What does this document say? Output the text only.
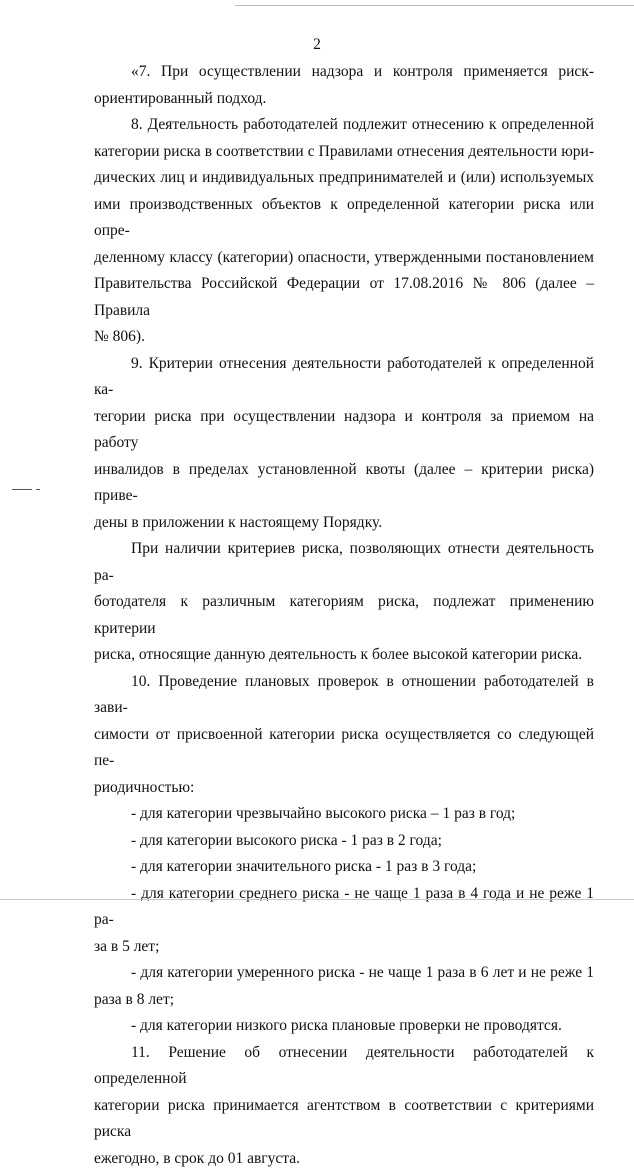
2

«7. При осуществлении надзора и контроля применяется риск-

ориентированный подход.

8. Деятельность работодателей подлежит отнесению к определенной

категории риска в соответствии с Правилами отнесения деятельности юри-

дических лиц и индивидуальных предпринимателей и (или) используемых

ими производственных объектов к определенной категории риска или опре-

деленному классу (категории) опасности, утвержденными постановлением

Правительства Российской Федерации от 17.08.2016 № 806 (далее – Правила

№ 806).

9. Критерии отнесения деятельности работодателей к определенной ка-

тегории риска при осуществлении надзора и контроля за приемом на работу

инвалидов в пределах установленной квоты (далее – критерии риска) приве-

дены в приложении к настоящему Порядку.

При наличии критериев риска, позволяющих отнести деятельность ра-

ботодателя к различным категориям риска, подлежат применению критерии

риска, относящие данную деятельность к более высокой категории риска.

10. Проведение плановых проверок в отношении работодателей в зави-

симости от присвоенной категории риска осуществляется со следующей пе-

риодичностью:

- для категории чрезвычайно высокого риска – 1 раз в год;

- для категории высокого риска - 1 раз в 2 года;

- для категории значительного риска - 1 раз в 3 года;

- для категории среднего риска - не чаще 1 раза в 4 года и не реже 1 ра-

за в 5 лет;

- для категории умеренного риска - не чаще 1 раза в 6 лет и не реже 1

раза в 8 лет;

- для категории низкого риска плановые проверки не проводятся.

11. Решение об отнесении деятельности работодателей к определенной

категории риска принимается агентством в соответствии с критериями риска

ежегодно, в срок до 01 августа.
